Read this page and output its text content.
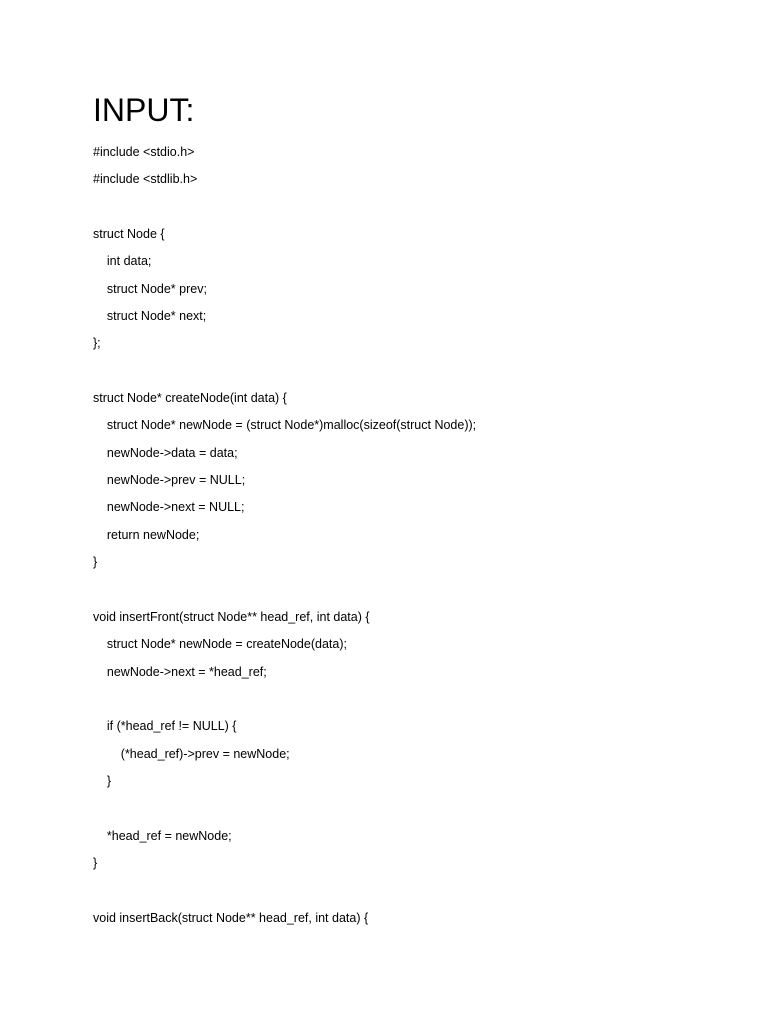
INPUT:
#include <stdio.h>
#include <stdlib.h>
struct Node {
int data;
struct Node* prev;
struct Node* next;
};
struct Node* createNode(int data) {
struct Node* newNode = (struct Node*)malloc(sizeof(struct Node));
newNode->data = data;
newNode->prev = NULL;
newNode->next = NULL;
return newNode;
}
void insertFront(struct Node** head_ref, int data) {
struct Node* newNode = createNode(data);
newNode->next = *head_ref;
if (*head_ref != NULL) {
(*head_ref)->prev = newNode;
}
*head_ref = newNode;
}
void insertBack(struct Node** head_ref, int data) {
